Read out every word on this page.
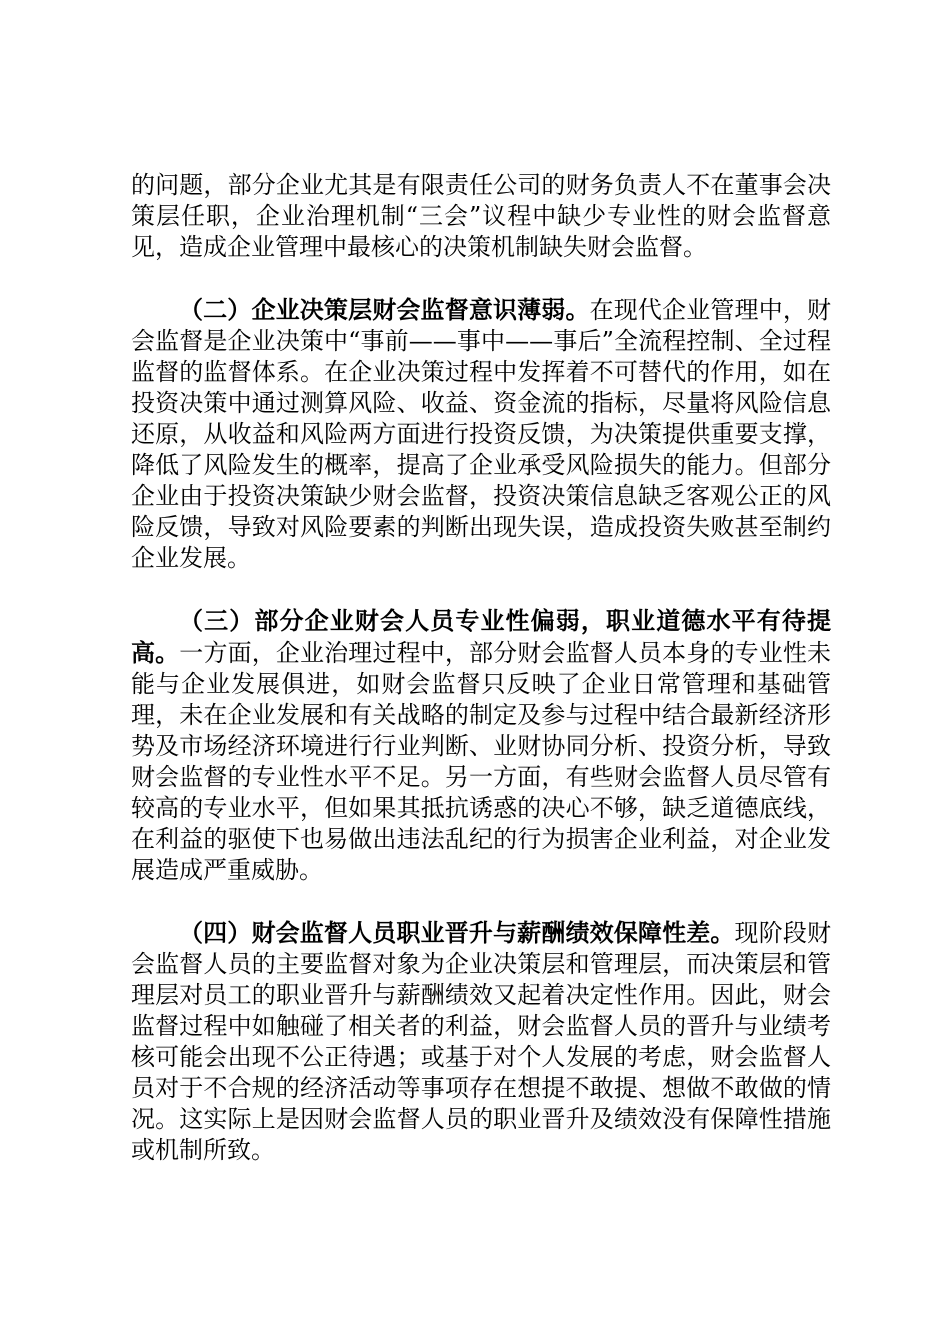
的问题，部分企业尤其是有限责任公司的财务负责人不在董事会决策层任职，企业治理机制“三会”议程中缺少专业性的财会监督意见，造成企业管理中最核心的决策机制缺失财会监督。

（二）企业决策层财会监督意识薄弱。在现代企业管理中，财会监督是企业决策中“事前——事中——事后”全流程控制、全过程监督的监督体系。在企业决策过程中发挥着不可替代的作用，如在投资决策中通过测算风险、收益、资金流的指标，尽量将风险信息还原，从收益和风险两方面进行投资反馈，为决策提供重要支撑，降低了风险发生的概率，提高了企业承受风险损失的能力。但部分企业由于投资决策缺少财会监督，投资决策信息缺乏客观公正的风险反馈，导致对风险要素的判断出现失误，造成投资失败甚至制约企业发展。

（三）部分企业财会人员专业性偏弱，职业道德水平有待提高。一方面，企业治理过程中，部分财会监督人员本身的专业性未能与企业发展俱进，如财会监督只反映了企业日常管理和基础管理，未在企业发展和有关战略的制定及参与过程中结合最新经济形势及市场经济环境进行行业判断、业财协同分析、投资分析，导致财会监督的专业性水平不足。另一方面，有些财会监督人员尽管有较高的专业水平，但如果其抵抗诱惑的决心不够，缺乏道德底线，在利益的驱使下也易做出违法乱纪的行为损害企业利益，对企业发展造成严重威胁。

（四）财会监督人员职业晋升与薪酬绩效保障性差。现阶段财会监督人员的主要监督对象为企业决策层和管理层，而决策层和管理层对员工的职业晋升与薪酬绩效又起着决定性作用。因此，财会监督过程中如触碰了相关者的利益，财会监督人员的晋升与业绩考核可能会出现不公正待遇；或基于对个人发展的考虑，财会监督人员对于不合规的经济活动等事项存在想提不敢提、想做不敢做的情况。这实际上是因财会监督人员的职业晋升及绩效没有保障性措施或机制所致。
